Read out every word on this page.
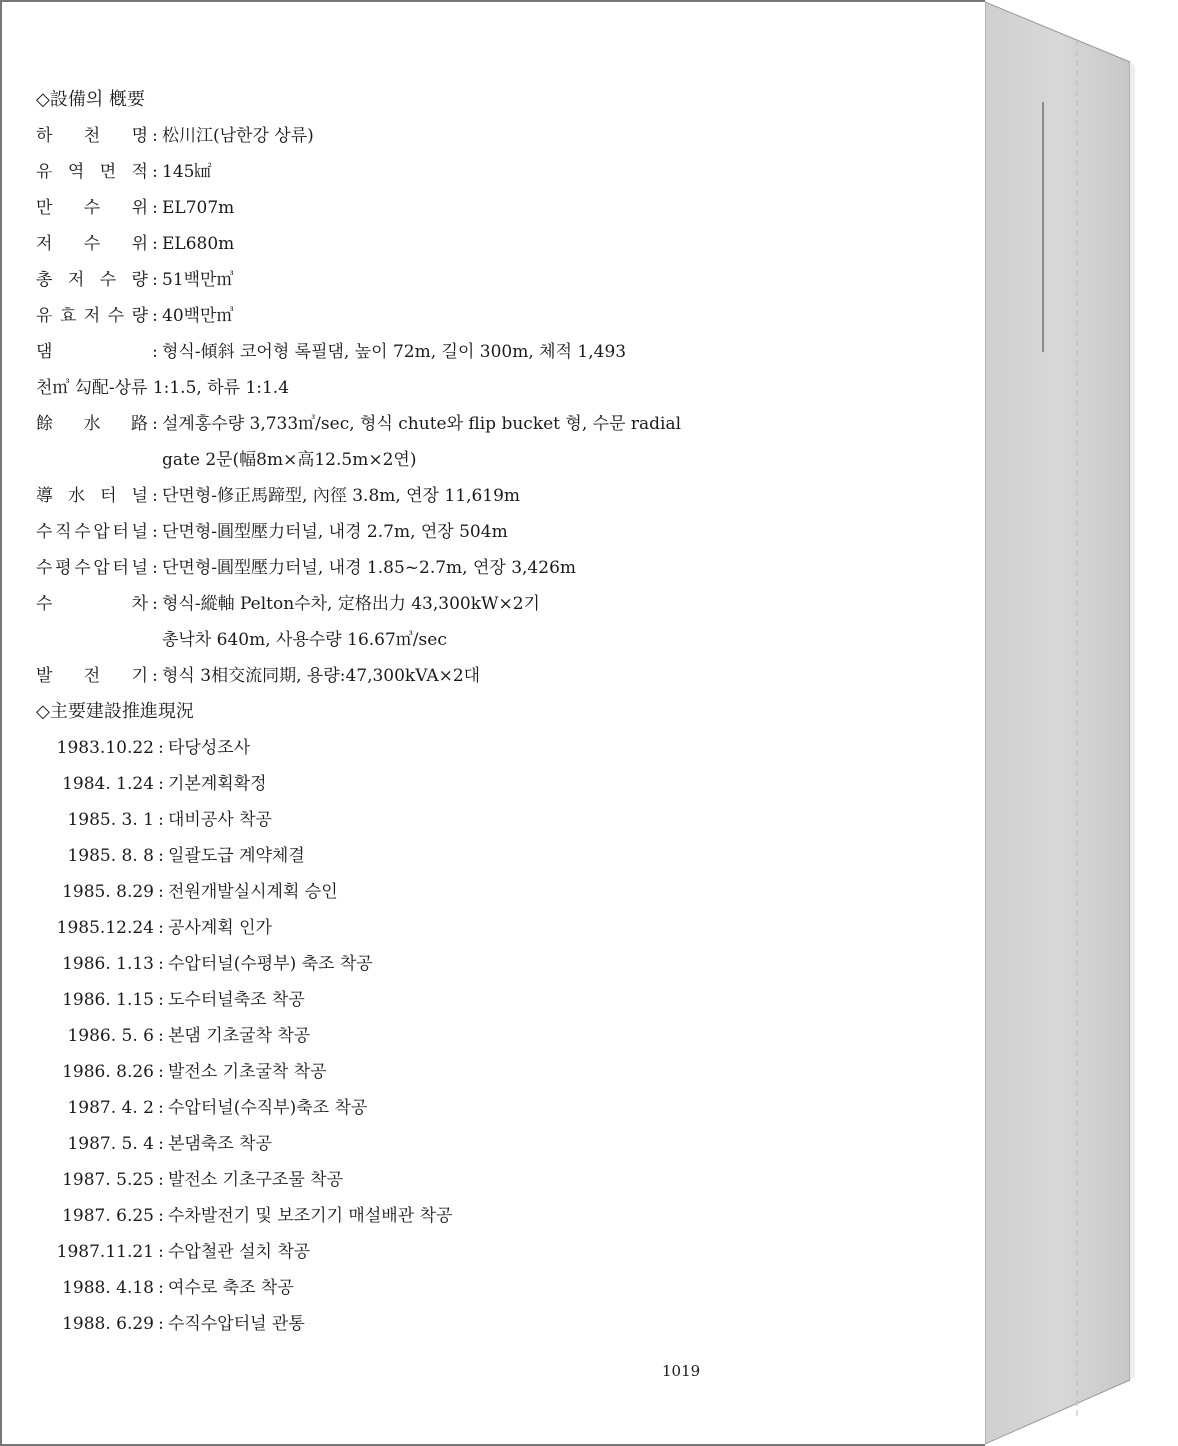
◇設備의 槪要
하 천 명 : 松川江(남한강 상류)
유 역 면 적 : 145㎢
만 수 위 : EL707m
저 수 위 : EL680m
총 저 수 량 : 51백만㎥
유 효 저 수 량 : 40백만㎥
댐	: 형식-傾斜 코어형 록필댐, 높이 72m, 길이 300m, 체적 1,493
천㎥ 勾配-상류 1:1.5, 하류 1:1.4
餘 水 路 : 설계홍수량 3,733㎥/sec, 형식 chute와 flip bucket 형, 수문 radial
gate 2문(幅8m×高12.5m×2연)
導 水 터 널 : 단면형-修正馬蹄型, 內徑 3.8m, 연장 11,619m
수 직 수 압 터 널 : 단면형-圓型壓力터널, 내경 2.7m, 연장 504m
수 평 수 압 터 널 : 단면형-圓型壓力터널, 내경 1.85~2.7m, 연장 3,426m
수	차 : 형식-縱軸 Pelton수차, 定格出力 43,300kW×2기
총낙차 640m, 사용수량 16.67㎥/sec
발 전 기 : 형식 3相交流同期, 용량:47,300kVA×2대
◇主要建設推進現況
1983.10.22 : 타당성조사
1984. 1.24 : 기본계획확정
1985. 3. 1 : 대비공사 착공
1985. 8. 8 : 일괄도급 계약체결
1985. 8.29 : 전원개발실시계획 승인
1985.12.24 : 공사계획 인가
1986. 1.13 : 수압터널(수평부) 축조 착공
1986. 1.15 : 도수터널축조 착공
1986. 5. 6 : 본댐 기초굴착 착공
1986. 8.26 : 발전소 기초굴착 착공
1987. 4. 2 : 수압터널(수직부)축조 착공
1987. 5. 4 : 본댐축조 착공
1987. 5.25 : 발전소 기초구조물 착공
1987. 6.25 : 수차발전기 및 보조기기 매설배관 착공
1987.11.21 : 수압철관 설치 착공
1988. 4.18 : 여수로 축조 착공
1988. 6.29 : 수직수압터널 관통
1019
